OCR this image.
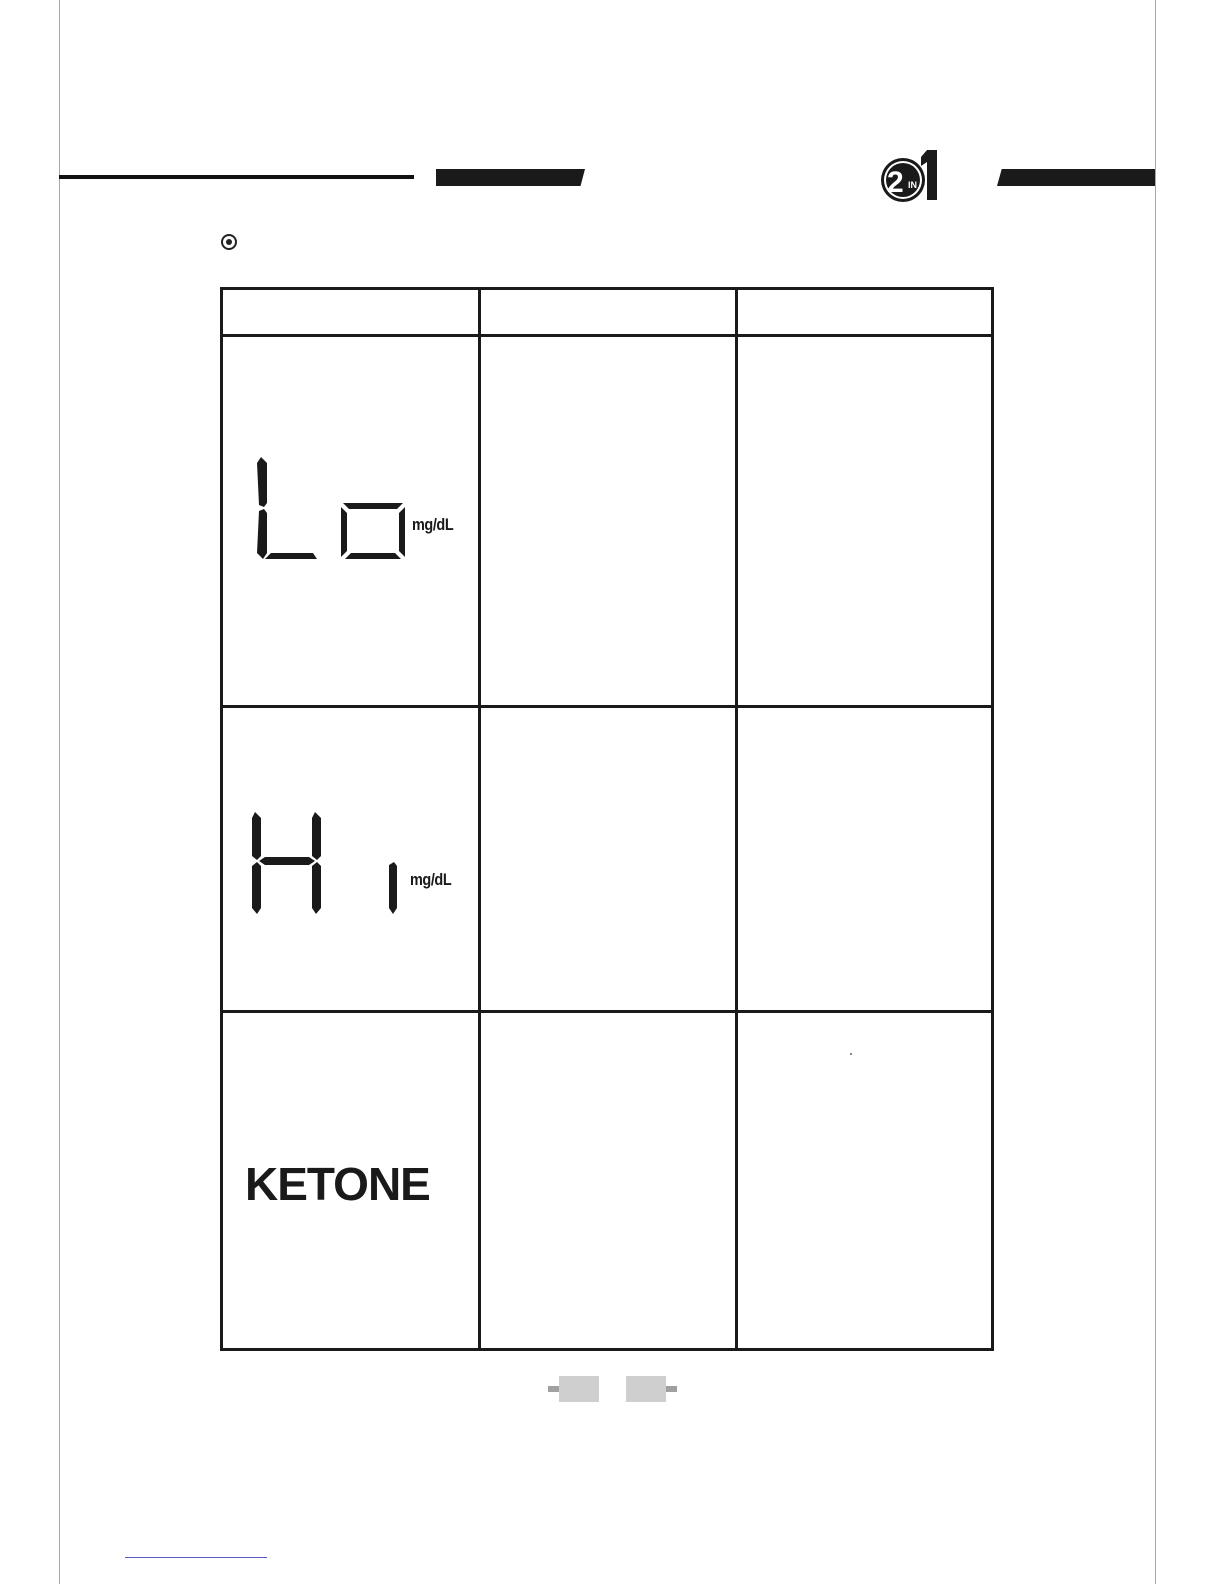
2 IN
mg/dL
mg/dL
KETONE
